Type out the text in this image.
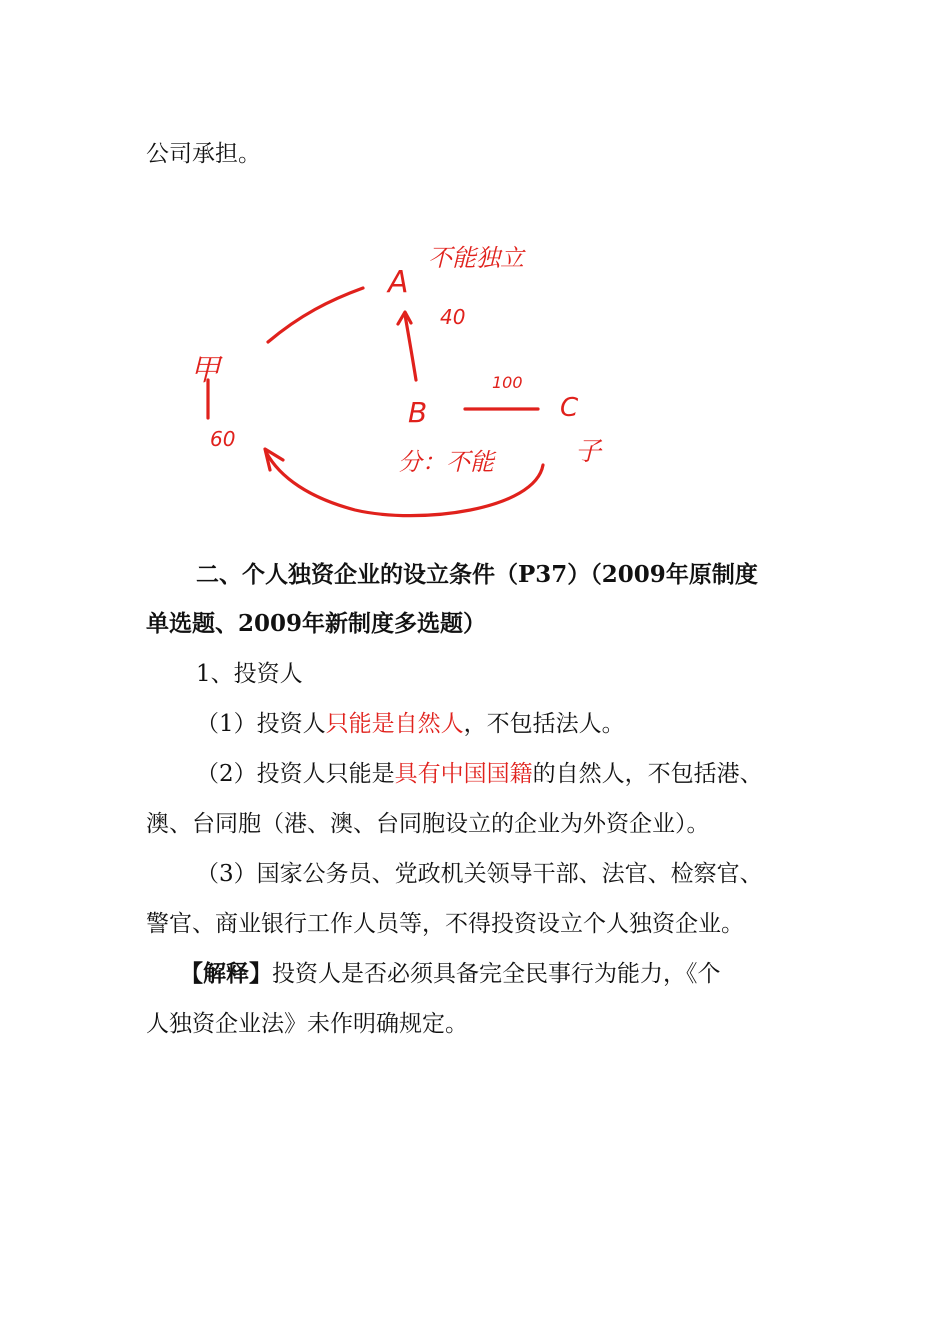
公司承担。
A
不能独立
40
甲
60
B
分：不能
C
子
100
二、个人独资企业的设立条件（P37）（2009年原制度
单选题、2009年新制度多选题）
1、投资人
（1）投资人只能是自然人，不包括法人。
（2）投资人只能是具有中国国籍的自然人，不包括港、
澳、台同胞（港、澳、台同胞设立的企业为外资企业）。
（3）国家公务员、党政机关领导干部、法官、检察官、
警官、商业银行工作人员等，不得投资设立个人独资企业。
【解释】投资人是否必须具备完全民事行为能力，《个
人独资企业法》未作明确规定。
